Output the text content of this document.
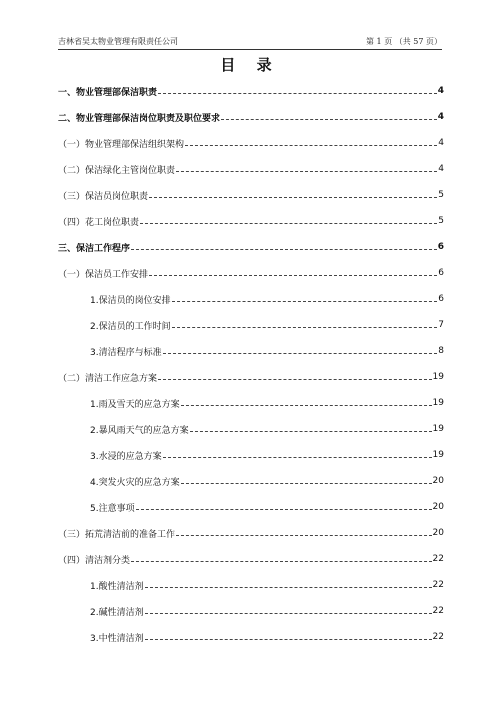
吉林省吴太物业管理有限责任公司	第 1 页 （共 57 页）
目 录
一、物业管理部保洁职责	4
二、物业管理部保洁岗位职责及职位要求	4
（一）物业管理部保洁组织架构	4
（二）保洁绿化主管岗位职责	4
（三）保洁员岗位职责	5
（四）花工岗位职责	5
三、保洁工作程序	6
（一）保洁员工作安排	6
1.保洁员的岗位安排	6
2.保洁员的工作时间	7
3.清洁程序与标准	8
（二）清洁工作应急方案	19
1.雨及雪天的应急方案	19
2.暴风雨天气的应急方案	19
3.水浸的应急方案	19
4.突发火灾的应急方案	20
5.注意事项	20
（三）拓荒清洁前的准备工作	20
（四）清洁剂分类	22
1.酸性清洁剂	22
2.碱性清洁剂	22
3.中性清洁剂	22
